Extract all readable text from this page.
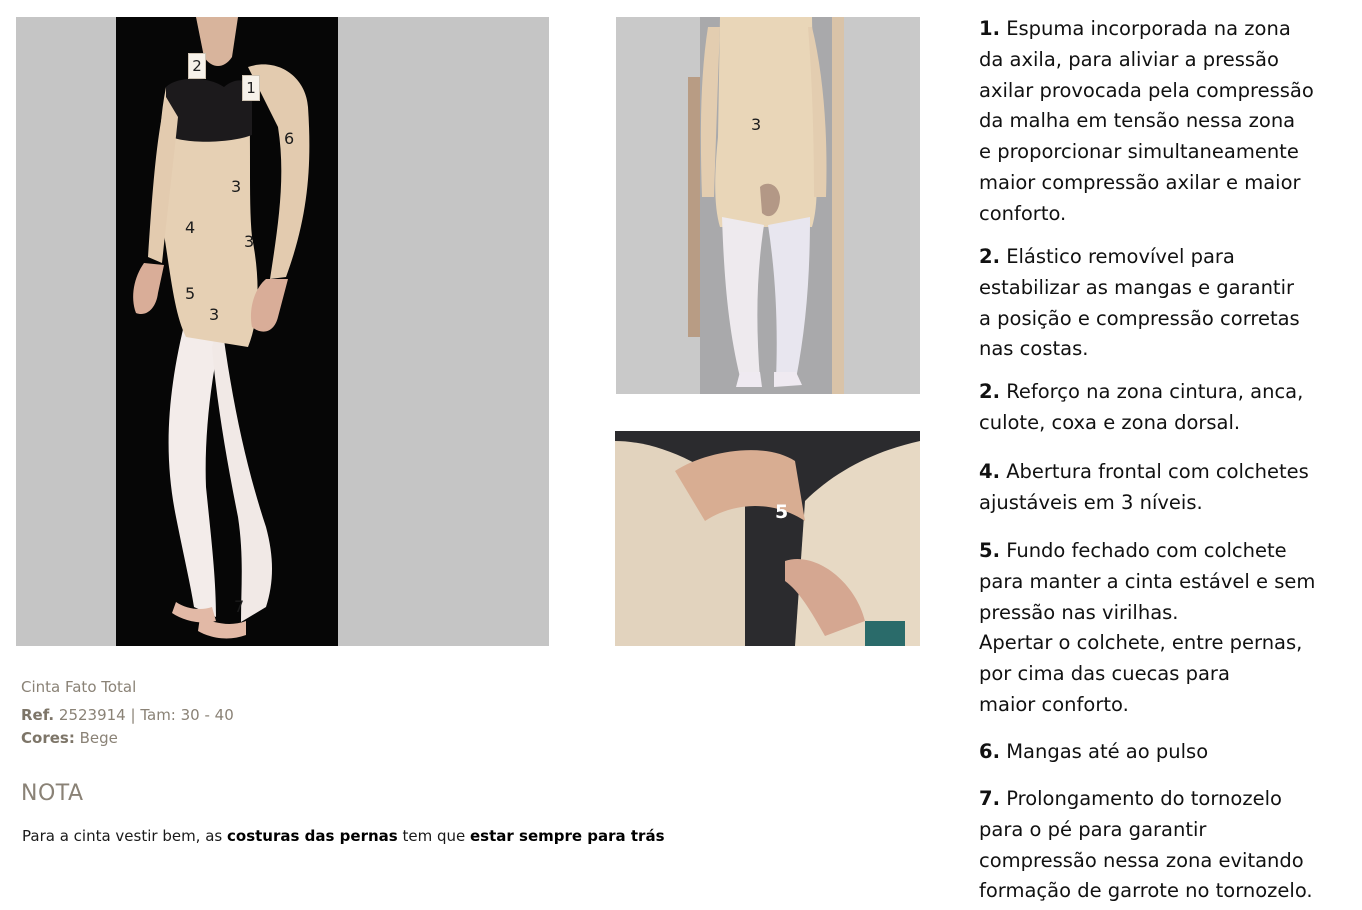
2
1
6
3
4
3
5
3
7
3
5
Cinta Fato Total
Ref. 2523914 | Tam: 30 - 40
Cores: Bege
NOTA
Para a cinta vestir bem, as costuras das pernas tem que estar sempre para trás
1. Espuma incorporada na zona
da axila, para aliviar a pressão
axilar provocada pela compressão
da malha em tensão nessa zona
e proporcionar simultaneamente
maior compressão axilar e maior
conforto.
2. Elástico removível para
estabilizar as mangas e garantir
a posição e compressão corretas
nas costas.
2. Reforço na zona cintura, anca,
culote, coxa e zona dorsal.
4. Abertura frontal com colchetes
ajustáveis em 3 níveis.
5. Fundo fechado com colchete
para manter a cinta estável e sem
pressão nas virilhas.
Apertar o colchete, entre pernas,
por cima das cuecas para
maior conforto.
6. Mangas até ao pulso
7. Prolongamento do tornozelo
para o pé para garantir
compressão nessa zona evitando
formação de garrote no tornozelo.
